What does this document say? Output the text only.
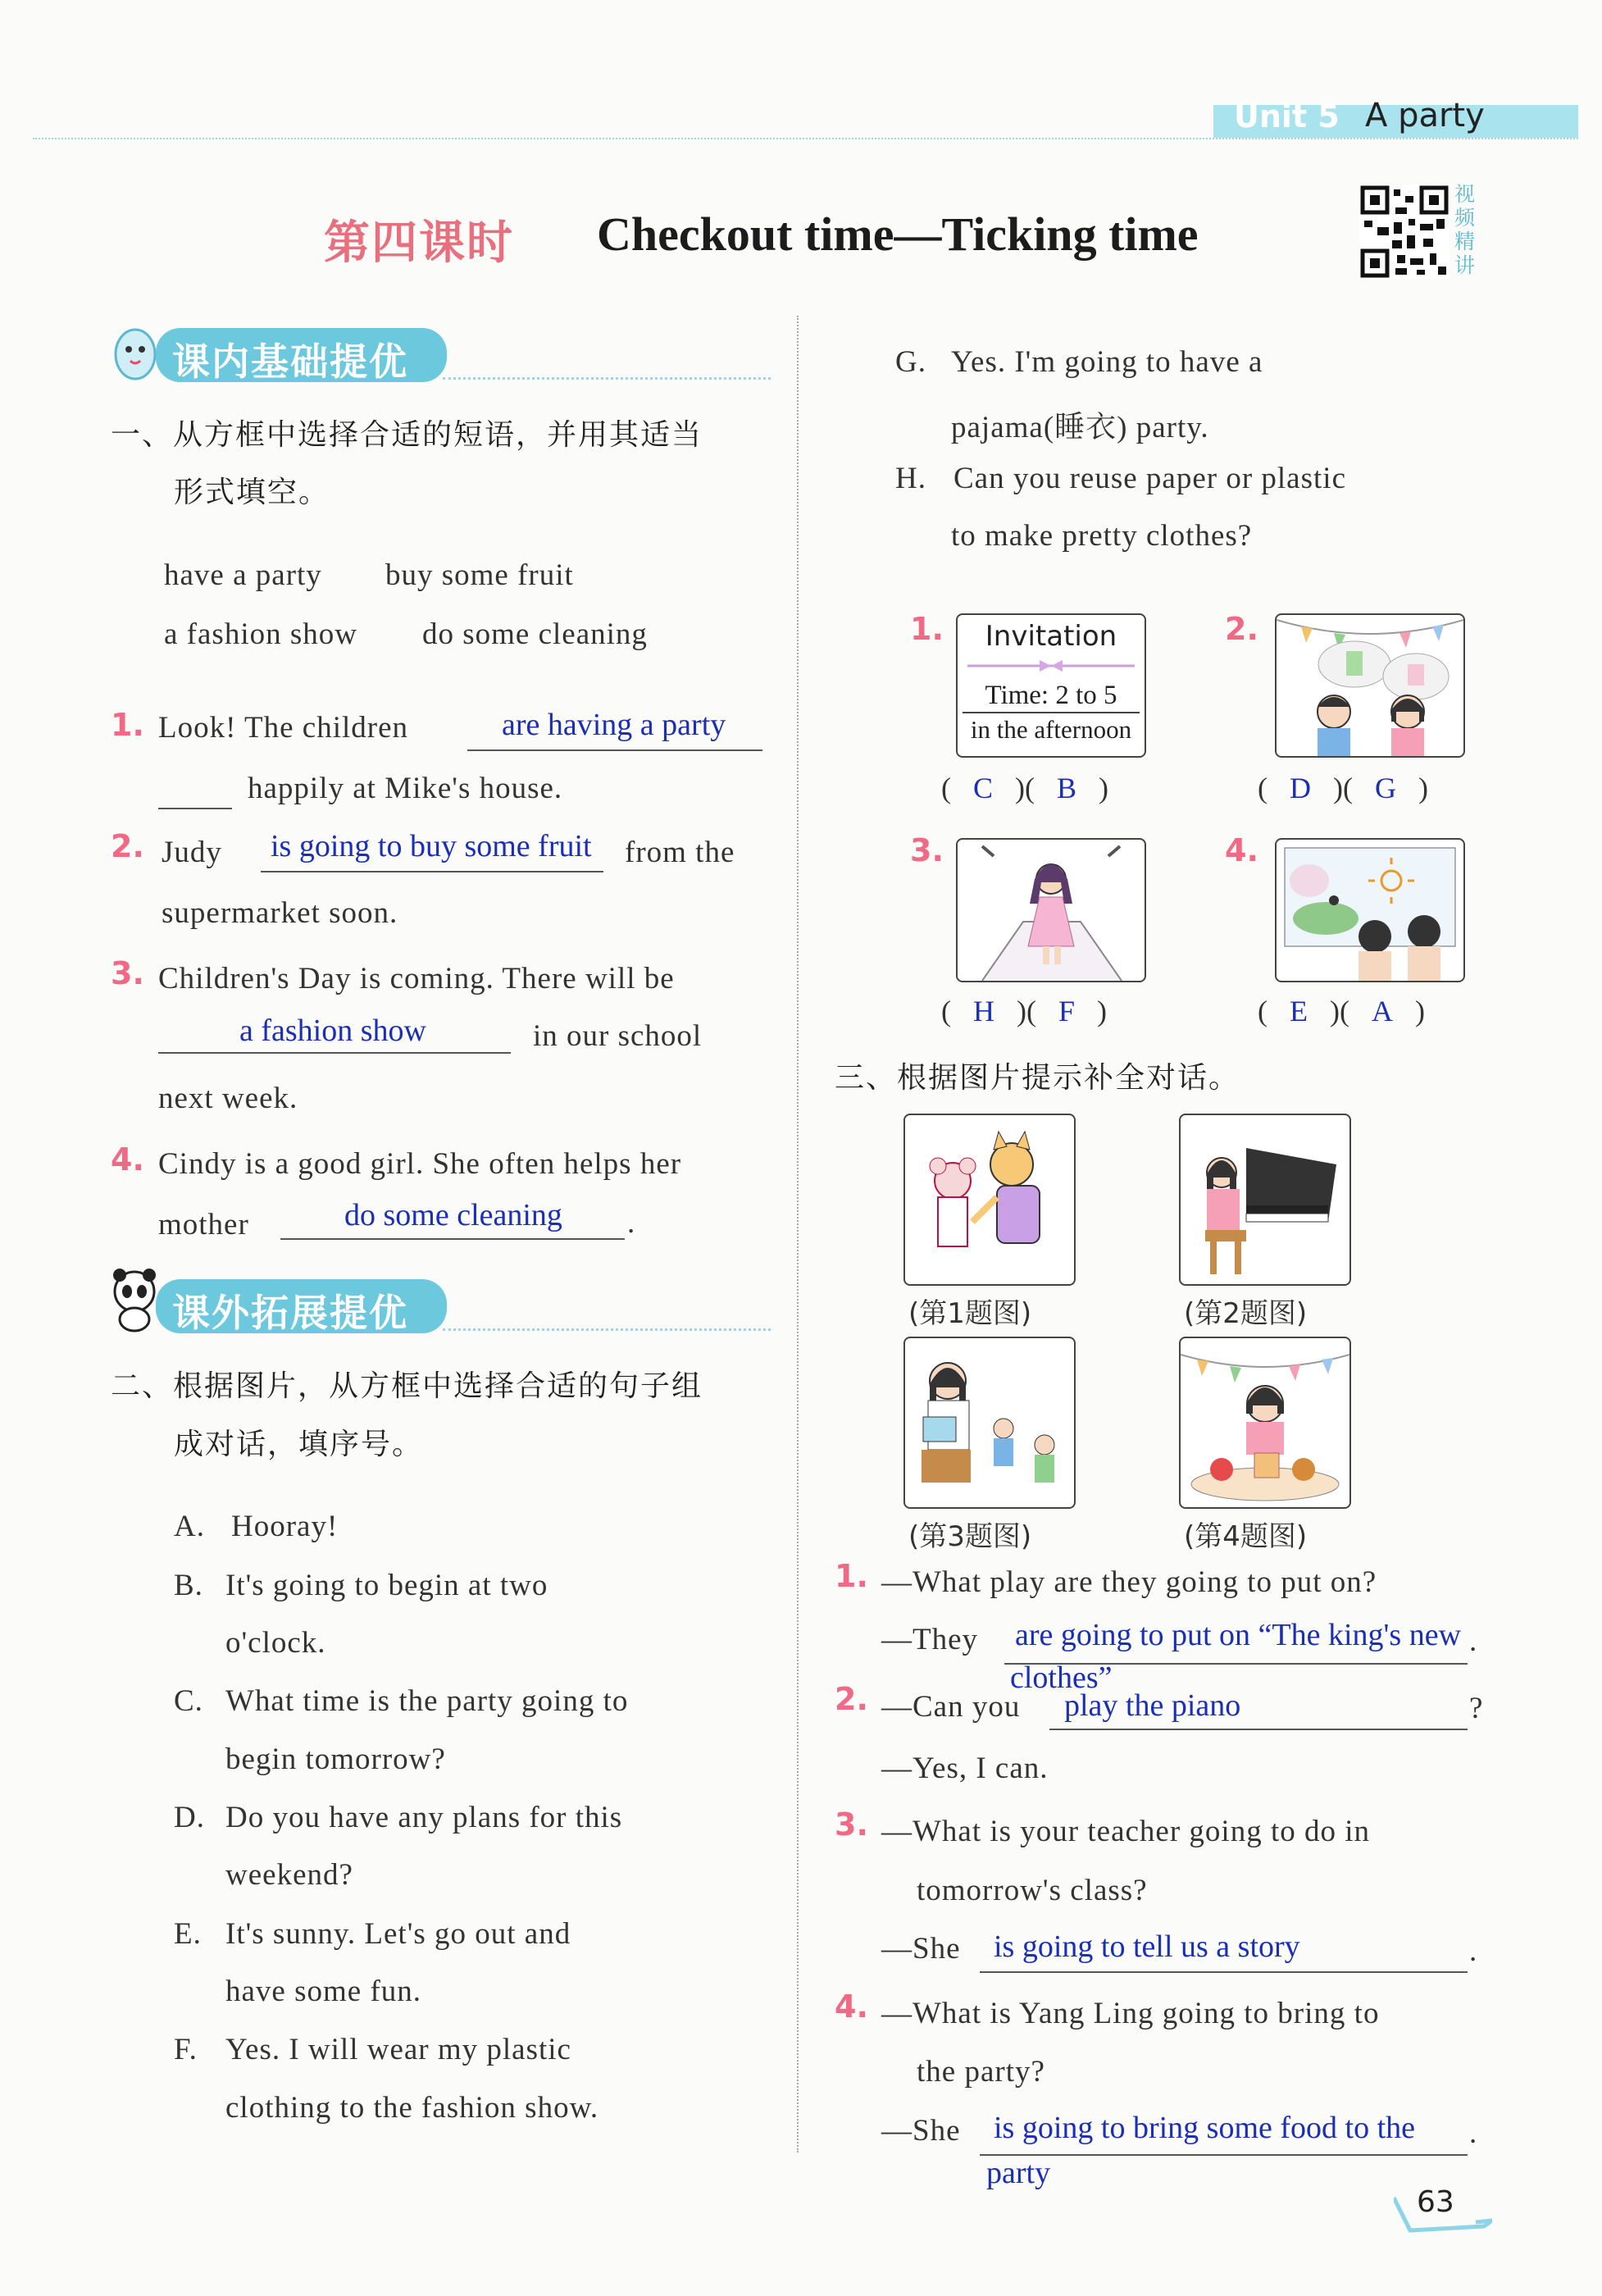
Unit 5 A party
第四课时 Checkout time—Ticking time
视频精讲
课内基础提优
一、从方框中选择合适的短语，并用其适当
形式填空。
have a party buy some fruit
a fashion show do some cleaning
1. Look! The children	are having a party
happily at Mike's house.
2. Judy is going to buy some fruit from the
supermarket soon.
3. Children's Day is coming. There will be
a fashion show	in our school
next week.
4. Cindy is a good girl. She often helps her
mother	do some cleaning .
课外拓展提优
二、根据图片，从方框中选择合适的句子组
成对话，填序号。
A. Hooray!
B. It's going to begin at two
o'clock.
C. What time is the party going to
begin tomorrow?
D. Do you have any plans for this
weekend?
E. It's sunny. Let's go out and
have some fun.
F. Yes. I will wear my plastic
clothing to the fashion show.
G. Yes. I'm going to have a
pajama(睡衣) party.
H. Can you reuse paper or plastic
to make pretty clothes?
1.	Invitation
Time: 2 to 5
in the afternoon
(   C   )(   B   )
2.
(   D   )(   G   )
3.
(   H   )(   F   )
4.
(   E   )(   A   )
三、根据图片提示补全对话。
(第1题图)	(第2题图)
(第3题图)	(第4题图)
1. —What play are they going to put on?
—They are going to put on “The king's new
clothes”
.
2. —Can you play the piano	?
—Yes, I can.
3. —What is your teacher going to do in
tomorrow's class?
—She is going to tell us a story	.
4. —What is Yang Ling going to bring to
the party?
—She is going to bring some food to the
party
.
63
